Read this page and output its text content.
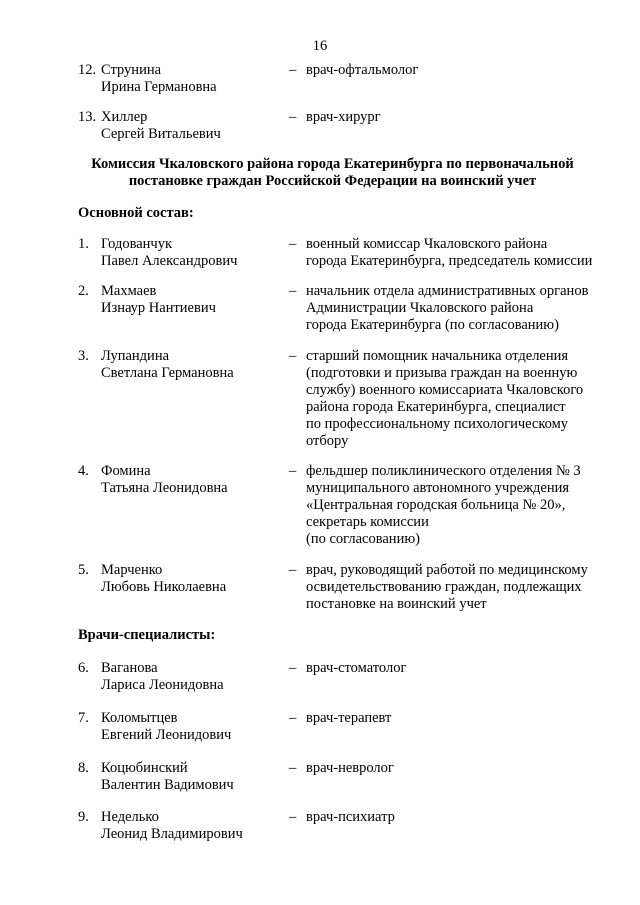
16
12. Струнина
Ирина Германовна
– врач-офтальмолог
13. Хиллер
Сергей Витальевич
– врач-хирург
Комиссия Чкаловского района города Екатеринбурга по первоначальной
постановке граждан Российской Федерации на воинский учет
Основной состав:
1. Годованчук
Павел Александрович
– военный комиссар Чкаловского района
города Екатеринбурга, председатель комиссии
2. Махмаев
Изнаур Нантиевич
– начальник отдела административных органов
Администрации Чкаловского района
города Екатеринбурга (по согласованию)
3. Лупандина
Светлана Германовна
– старший помощник начальника отделения
(подготовки и призыва граждан на военную
службу) военного комиссариата Чкаловского
района города Екатеринбурга, специалист
по профессиональному психологическому
отбору
4. Фомина
Татьяна Леонидовна
– фельдшер поликлинического отделения № 3
муниципального автономного учреждения
«Центральная городская больница № 20»,
секретарь комиссии
(по согласованию)
5. Марченко
Любовь Николаевна
– врач, руководящий работой по медицинскому
освидетельствованию граждан, подлежащих
постановке на воинский учет
Врачи-специалисты:
6. Ваганова
Лариса Леонидовна
– врач-стоматолог
7. Коломытцев
Евгений Леонидович
– врач-терапевт
8. Коцюбинский
Валентин Вадимович
– врач-невролог
9. Неделько
Леонид Владимирович
– врач-психиатр
